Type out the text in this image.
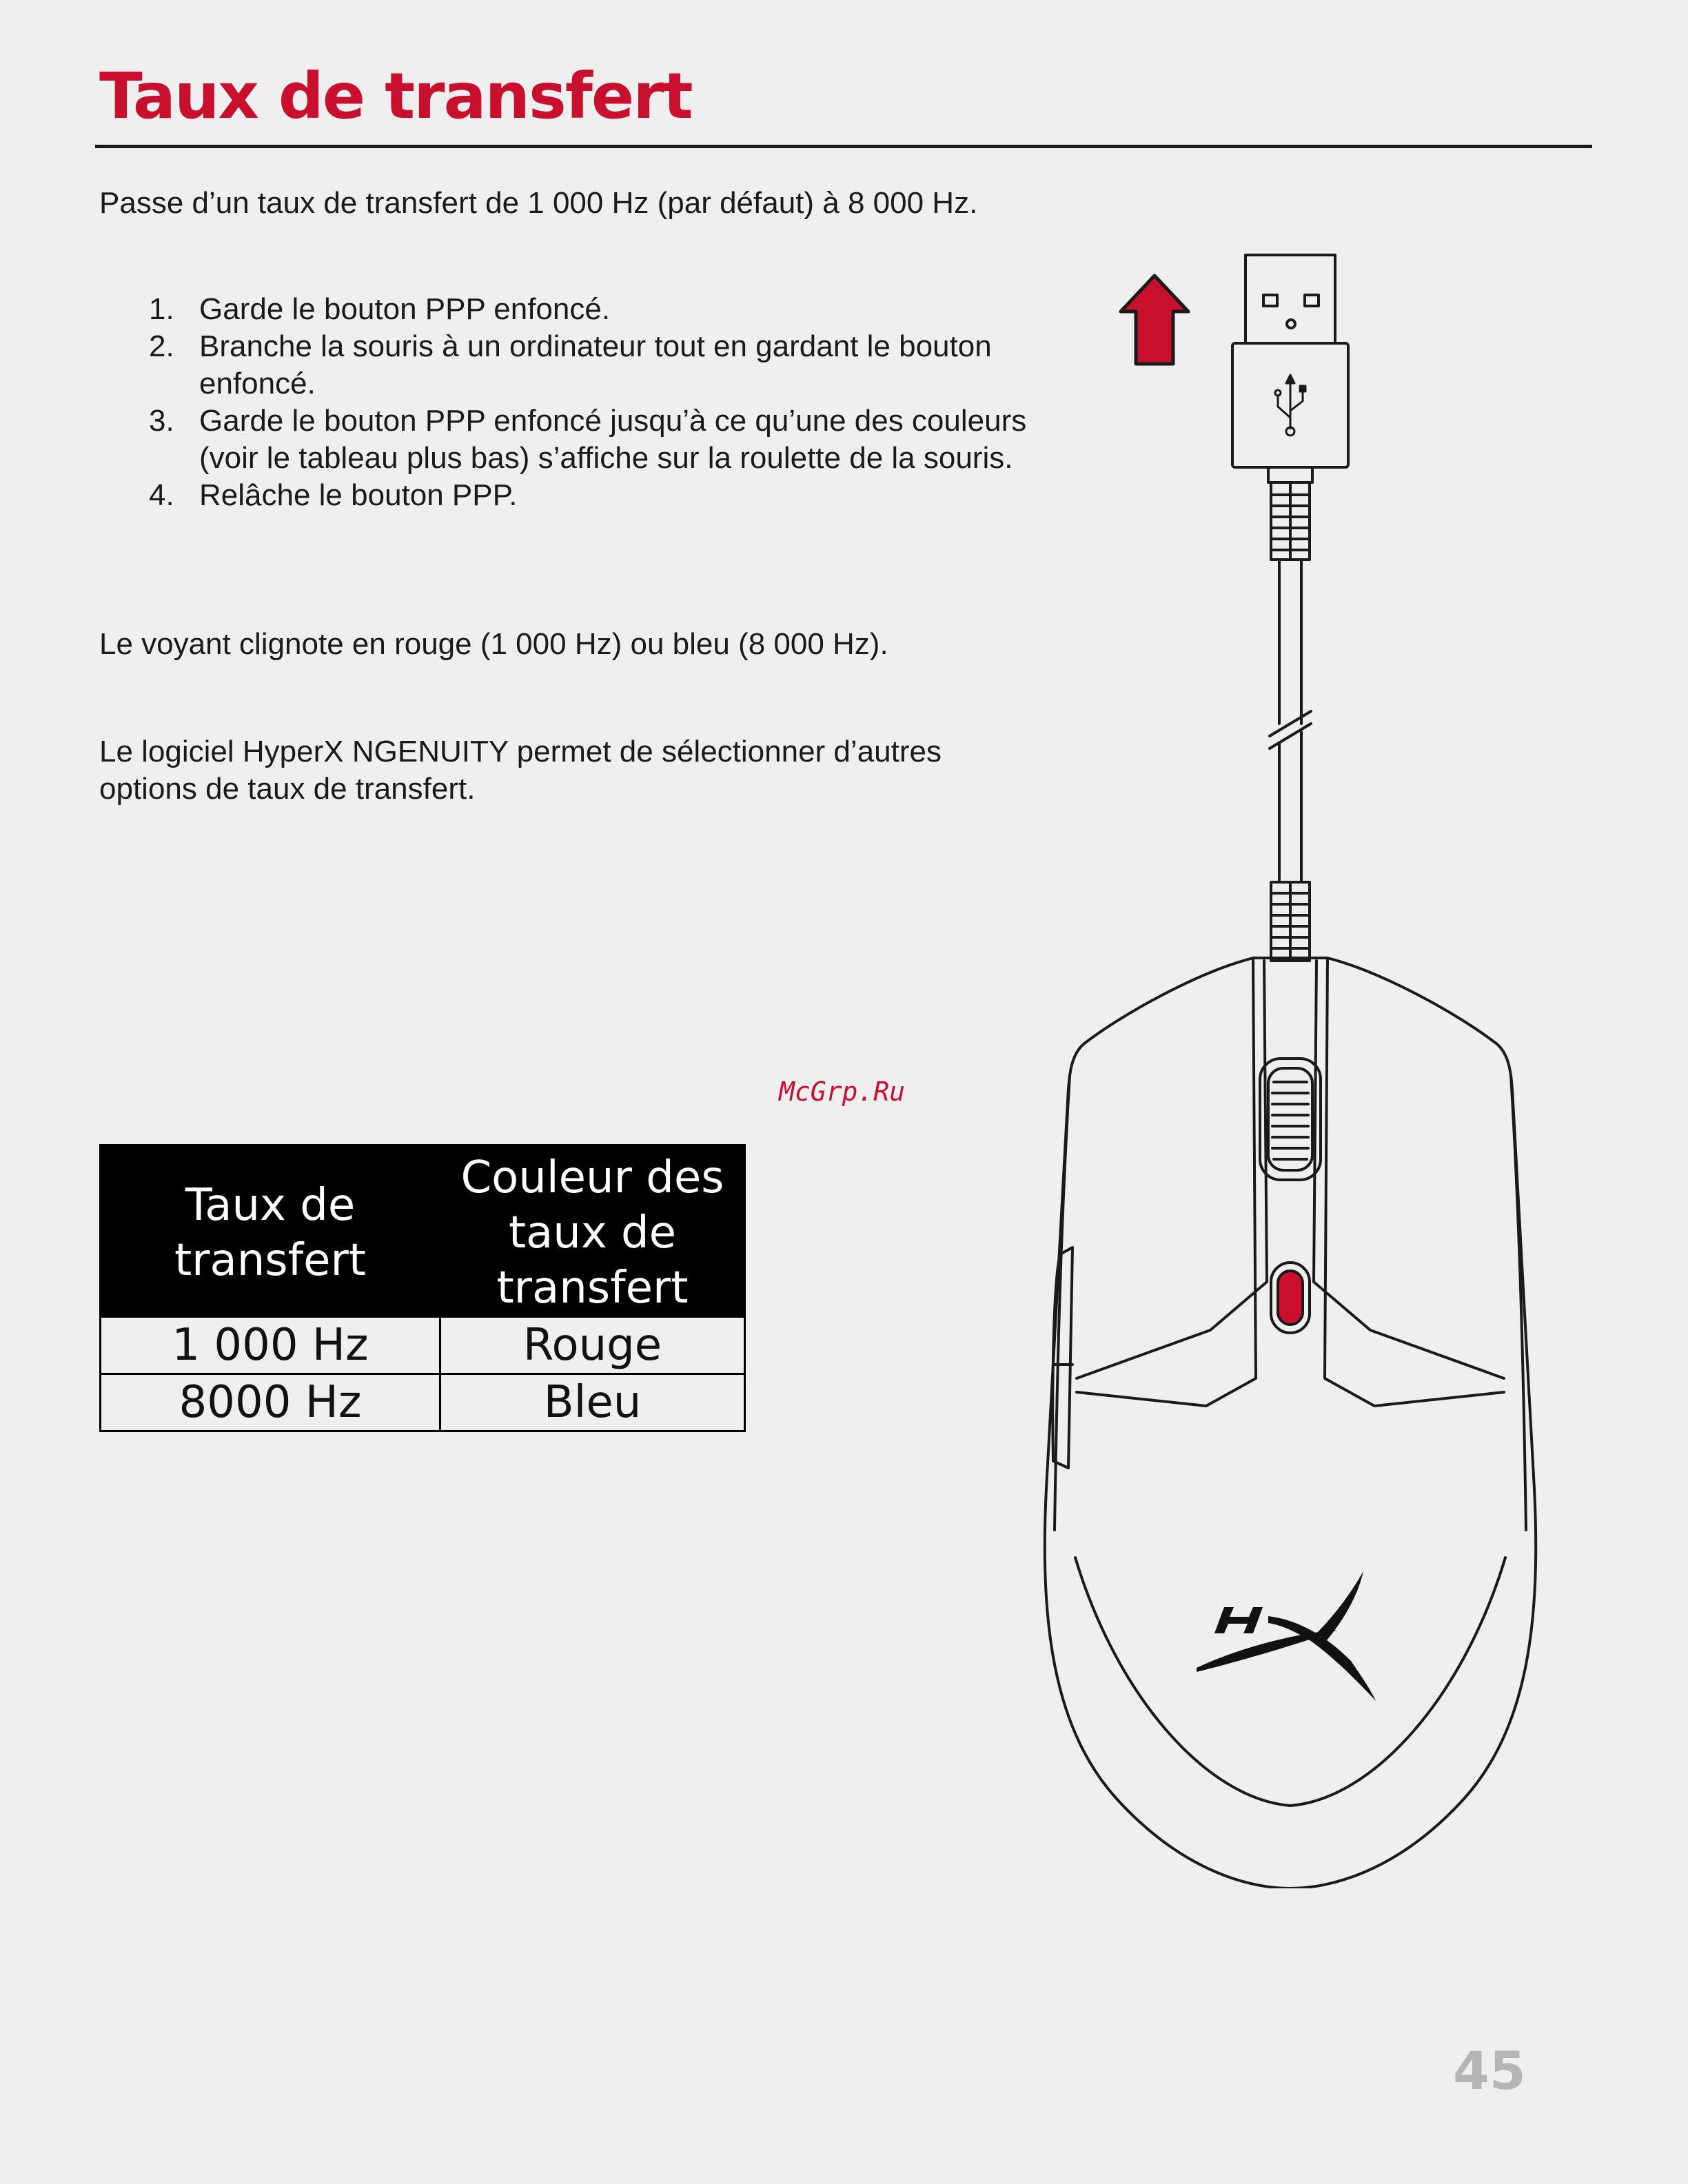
Taux de transfert

Passe d’un taux de transfert de 1 000 Hz (par défaut) à 8 000 Hz.

1. Garde le bouton PPP enfoncé.
2. Branche la souris à un ordinateur tout en gardant le bouton enfoncé.
3. Garde le bouton PPP enfoncé jusqu’à ce qu’une des couleurs (voir le tableau plus bas) s’affiche sur la roulette de la souris.
4. Relâche le bouton PPP.

Le voyant clignote en rouge (1 000 Hz) ou bleu (8 000 Hz).

Le logiciel HyperX NGENUITY permet de sélectionner d’autres options de taux de transfert.

McGrp.Ru
Taux de transfert	Couleur des taux de transfert
1 000 Hz	Rouge
8000 Hz	Bleu
45
